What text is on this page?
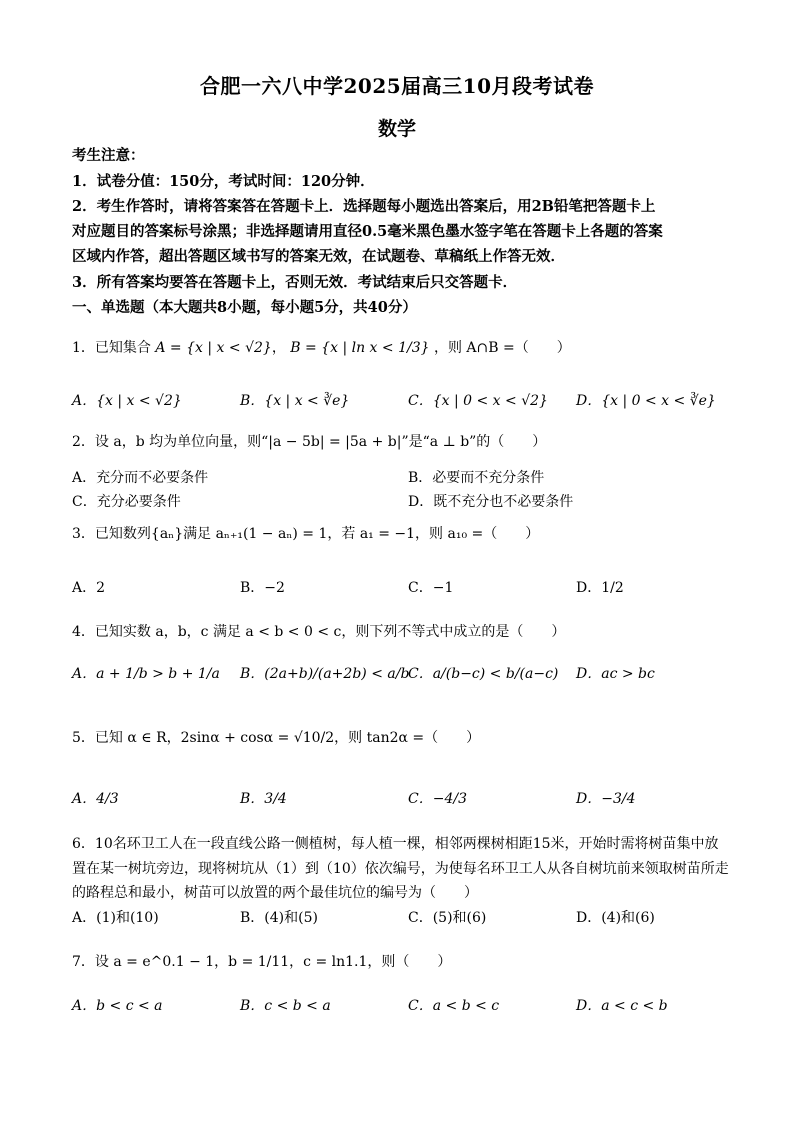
合肥一六八中学2025届高三10月段考试卷
数学
考生注意：
1．试卷分值：150分，考试时间：120分钟．
2．考生作答时，请将答案答在答题卡上．选择题每小题选出答案后，用2B铅笔把答题卡上
对应题目的答案标号涂黑；非选择题请用直径0.5毫米黑色墨水签字笔在答题卡上各题的答案
区域内作答，超出答题区域书写的答案无效，在试题卷、草稿纸上作答无效．
3．所有答案均要答在答题卡上，否则无效．考试结束后只交答题卡．
一、单选题（本大题共8小题，每小题5分，共40分）
1．已知集合 A = {x | x < √2}， B = {x | ln x < 1/3} ，则 A∩B =（　　）
A．{x | x < √2}	B．{x | x < ∛e}	C．{x | 0 < x < √2} D．{x | 0 < x < ∛e}
2．设 a，b 均为单位向量，则“|a − 5b| = |5a + b|”是“a ⊥ b”的（　　）
A．充分而不必要条件	B．必要而不充分条件
C．充分必要条件	D．既不充分也不必要条件
3．已知数列{aₙ}满足 aₙ₊₁(1 − aₙ) = 1，若 a₁ = −1，则 a₁₀ =（　　）
A．2	B．−2	C．−1	D．1/2
4．已知实数 a，b，c 满足 a < b < 0 < c，则下列不等式中成立的是（　　）
A．a + 1/b > b + 1/a B．(2a+b)/(a+2b) < a/b
C．a/(b−c) < b/(a−c) D．ac > bc
5．已知 α ∈ R，2sinα + cosα = √10/2，则 tan2α =（　　）
A．4/3	B．3/4	C．−4/3	D．−3/4
6．10名环卫工人在一段直线公路一侧植树，每人植一棵，相邻两棵树相距15米，开始时需将树苗集中放
置在某一树坑旁边，现将树坑从（1）到（10）依次编号，为使每名环卫工人从各自树坑前来领取树苗所走
的路程总和最小，树苗可以放置的两个最佳坑位的编号为（　　）
A．(1)和(10)	B．(4)和(5)	C．(5)和(6)	D．(4)和(6)
7．设 a = e^0.1 − 1，b = 1/11，c = ln1.1，则（　　）
A．b < c < a	B．c < b < a	C．a < b < c	D．a < c < b
